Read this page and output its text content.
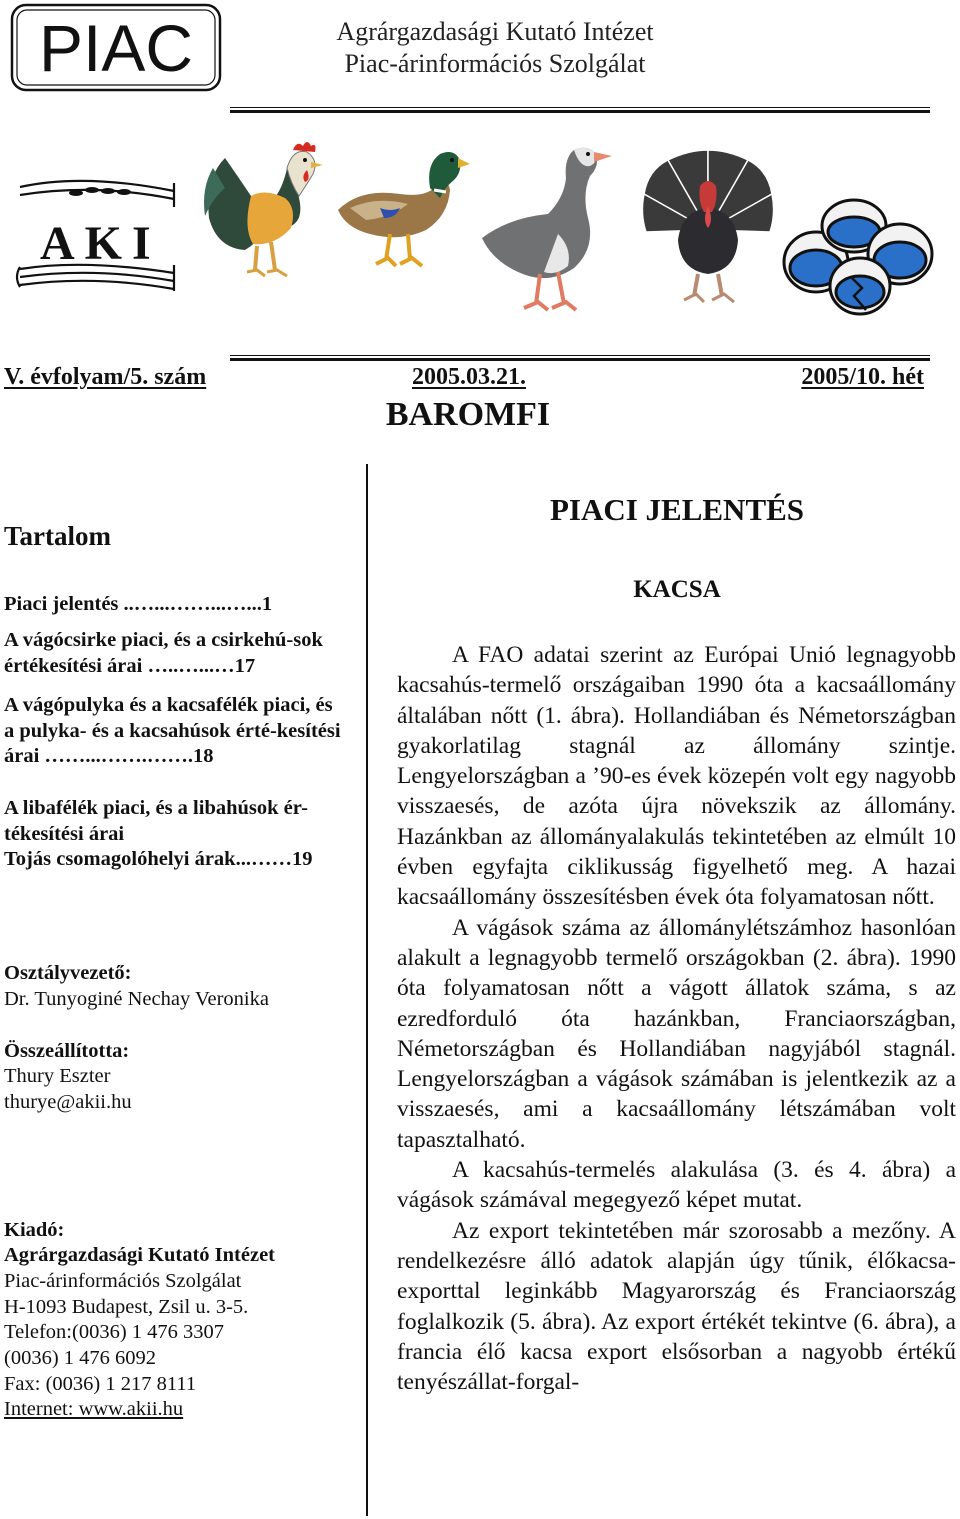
PIAC	Agrárgazdasági Kutató Intézet
Piac-árinformációs Szolgálat
AKI
V. évfolyam/5. szám	2005.03.21.	2005/10. hét
BAROMFI
Tartalom
Piaci jelentés ..…...……...…...1
A vágócsirke piaci, és a csirkehú-sok értékesítési árai …..…...…17
A vágópulyka és a kacsafélék piaci, és a pulyka- és a kacsahúsok érté-kesítési árai ……...…….…….18
A libafélék piaci, és a libahúsok ér-tékesítési árai
Tojás csomagolóhelyi árak...……19
Osztályvezető:
Dr. Tunyoginé Nechay Veronika
Összeállította:
Thury Eszter
thurye@akii.hu
Kiadó:
Agrárgazdasági Kutató Intézet
Piac-árinformációs Szolgálat
H-1093 Budapest, Zsil u. 3-5.
Telefon:(0036) 1 476 3307
(0036) 1 476 6092
Fax: (0036) 1 217 8111
Internet: www.akii.hu
PIACI JELENTÉS
KACSA

A FAO adatai szerint az Európai Unió legnagyobb kacsahús-termelő országaiban 1990 óta a kacsaállomány általában nőtt (1. ábra). Hollandiában és Németországban gyakorlatilag stagnál az állomány szintje. Lengyelországban a ’90-es évek közepén volt egy nagyobb visszaesés, de azóta újra növekszik az állomány. Hazánkban az állományalakulás tekintetében az elmúlt 10 évben egyfajta ciklikusság figyelhető meg. A hazai kacsaállomány összesítésben évek óta folyamatosan nőtt.

A vágások száma az állománylétszámhoz hasonlóan alakult a legnagyobb termelő országokban (2. ábra). 1990 óta folyamatosan nőtt a vágott állatok száma, s az ezredforduló óta hazánkban, Franciaországban, Németországban és Hollandiában nagyjából stagnál. Lengyelországban a vágások számában is jelentkezik az a visszaesés, ami a kacsaállomány létszámában volt tapasztalható.

A kacsahús-termelés alakulása (3. és 4. ábra) a vágások számával megegyező képet mutat.

Az export tekintetében már szorosabb a mezőny. A rendelkezésre álló adatok alapján úgy tűnik, élőkacsa-exporttal leginkább Magyarország és Franciaország foglalkozik (5. ábra). Az export értékét tekintve (6. ábra), a francia élő kacsa export elsősorban a nagyobb értékű tenyészállat-forgal-
